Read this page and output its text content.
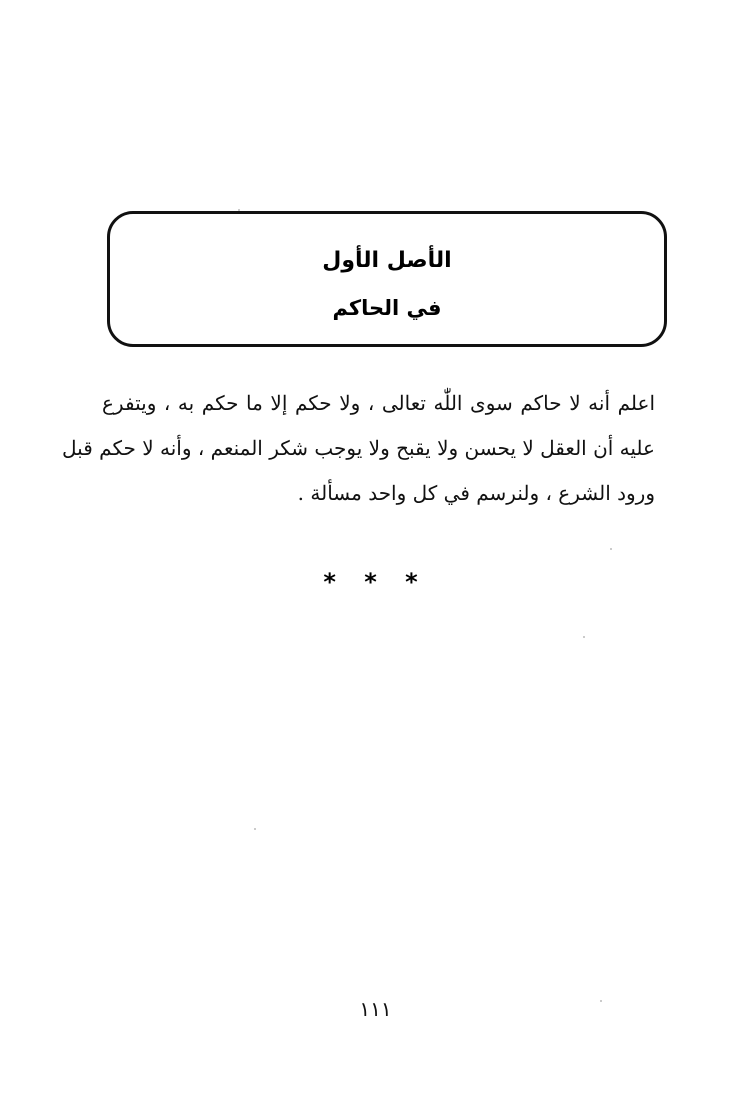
الأصل الأول
في الحاكم
اعلم أنه لا حاكم سوى اللّٰه تعالى ، ولا حكم إلا ما حكم به ، ويتفرع
عليه أن العقل لا يحسن ولا يقبح ولا يوجب شكر المنعم ، وأنه لا حكم قبل
ورود الشرع ، ولنرسم في كل واحد مسألة .
* * *
١١١
